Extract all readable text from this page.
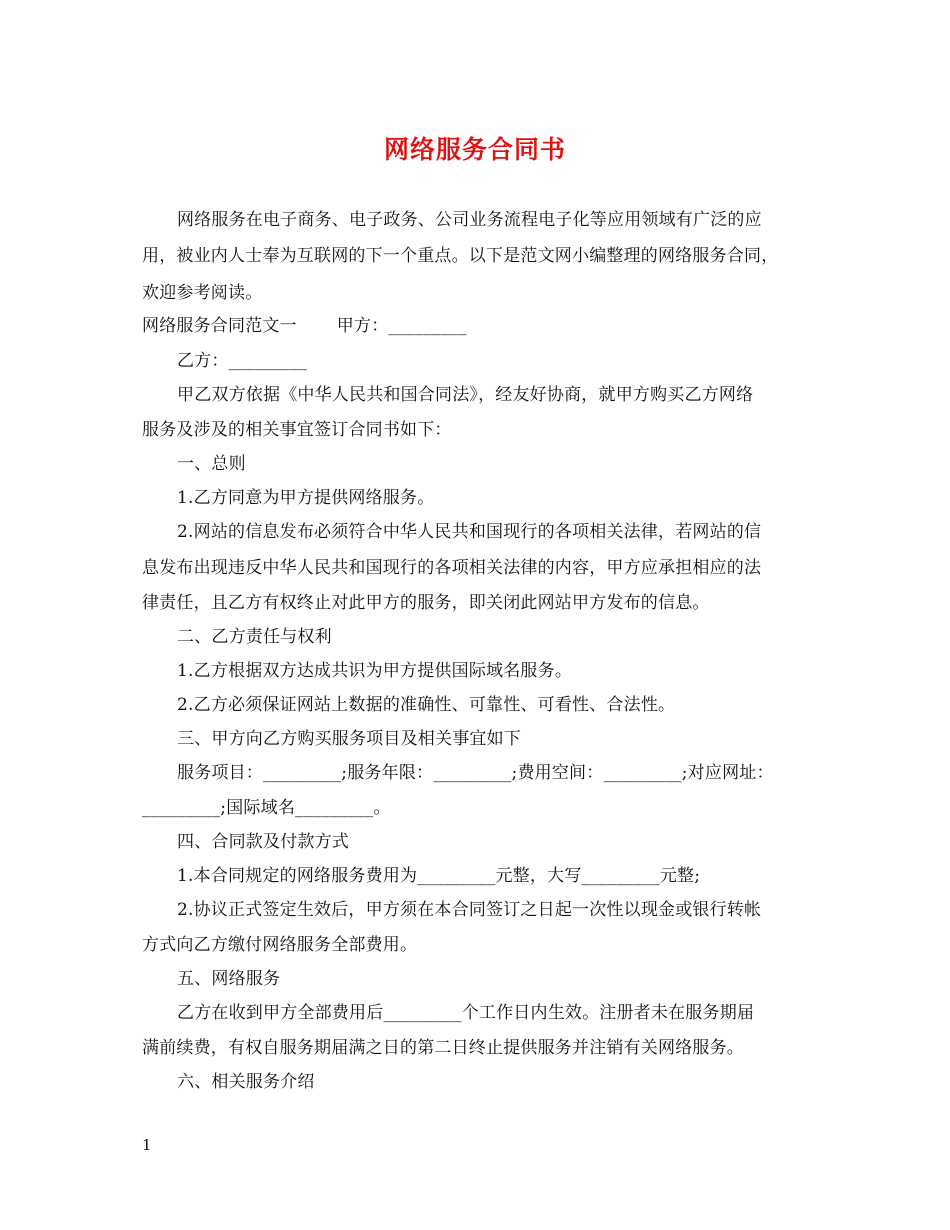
网络服务合同书
网络服务在电子商务、电子政务、公司业务流程电子化等应用领域有广泛的应
用，被业内人士奉为互联网的下一个重点。以下是范文网小编整理的网络服务合同，
欢迎参考阅读。
网络服务合同范文一　　 甲方：_________
乙方：_________
甲乙双方依据《中华人民共和国合同法》，经友好协商，就甲方购买乙方网络
服务及涉及的相关事宜签订合同书如下：
一、总则
1.乙方同意为甲方提供网络服务。
2.网站的信息发布必须符合中华人民共和国现行的各项相关法律，若网站的信
息发布出现违反中华人民共和国现行的各项相关法律的内容，甲方应承担相应的法
律责任，且乙方有权终止对此甲方的服务，即关闭此网站甲方发布的信息。
二、乙方责任与权利
1.乙方根据双方达成共识为甲方提供国际域名服务。
2.乙方必须保证网站上数据的准确性、可靠性、可看性、合法性。
三、甲方向乙方购买服务项目及相关事宜如下
服务项目：_________;服务年限：_________;费用空间：_________;对应网址：
_________;国际域名_________。
四、合同款及付款方式
1.本合同规定的网络服务费用为_________元整，大写_________元整;
2.协议正式签定生效后，甲方须在本合同签订之日起一次性以现金或银行转帐
方式向乙方缴付网络服务全部费用。
五、网络服务
乙方在收到甲方全部费用后_________个工作日内生效。注册者未在服务期届
满前续费，有权自服务期届满之日的第二日终止提供服务并注销有关网络服务。
六、相关服务介绍
1
